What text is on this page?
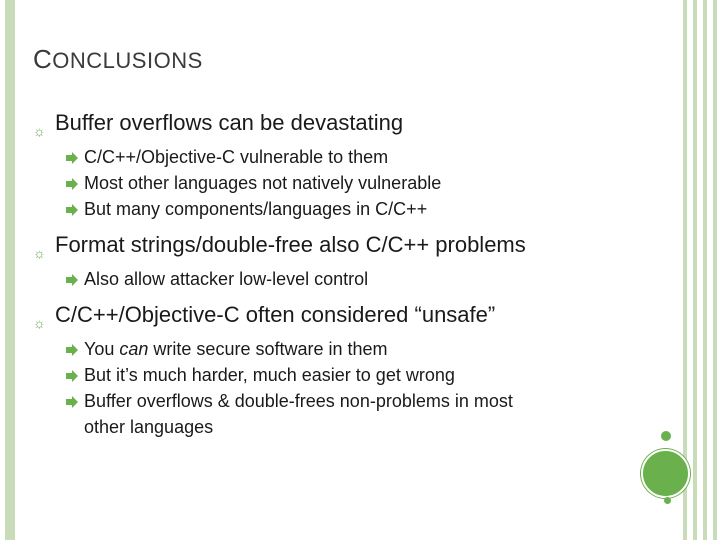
CONCLUSIONS
☼ Buffer overflows can be devastating
C/C++/Objective-C vulnerable to them
Most other languages not natively vulnerable
But many components/languages in C/C++
☼ Format strings/double-free also C/C++ problems
Also allow attacker low-level control
☼ C/C++/Objective-C often considered “unsafe”
You can write secure software in them
But it’s much harder, much easier to get wrong
Buffer overflows & double-frees non-problems in most
other languages
